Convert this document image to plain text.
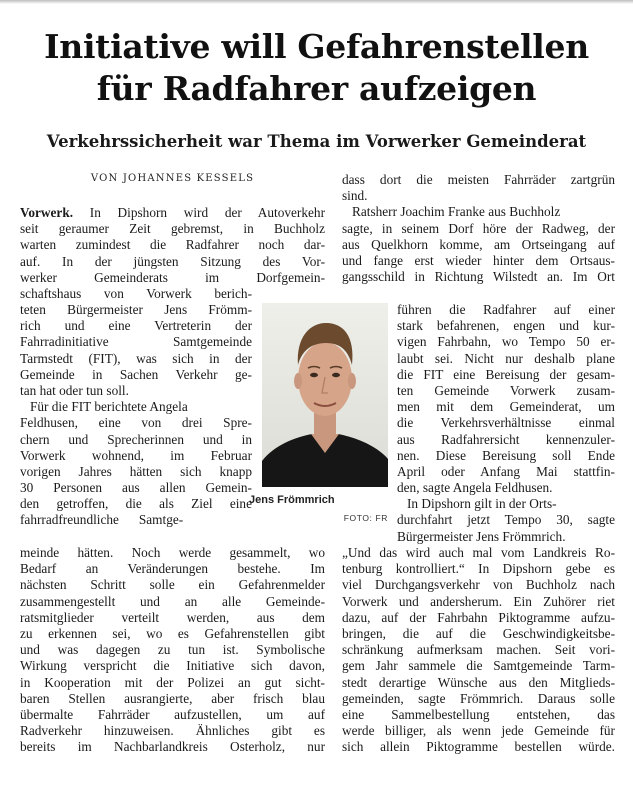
Initiative will Gefahrenstellen
für Radfahrer aufzeigen
Verkehrssicherheit war Thema im Vorwerker Gemeinderat
VON JOHANNES KESSELS
Vorwerk. In Dipshorn wird der Autoverkehr
seit geraumer Zeit gebremst, in Buchholz
warten zumindest die Radfahrer noch dar-
auf. In der jüngsten Sitzung des Vor-
werker Gemeinderats im Dorfgemein-
schaftshaus von Vorwerk berich-
teten Bürgermeister Jens Frömm-
rich und eine Vertreterin der
Fahrradinitiative Samtgemeinde
Tarmstedt (FIT), was sich in der
Gemeinde in Sachen Verkehr ge-
tan hat oder tun soll.
Für die FIT berichtete Angela
Feldhusen, eine von drei Spre-
chern und Sprecherinnen und in
Vorwerk wohnend, im Februar
vorigen Jahres hätten sich knapp
30 Personen aus allen Gemein-
den getroffen, die als Ziel eine
fahrradfreundliche      Samtge-
meinde hätten. Noch werde gesammelt, wo
Bedarf an Veränderungen bestehe. Im
nächsten Schritt solle ein Gefahrenmelder
zusammengestellt und an alle Gemeinde-
ratsmitglieder verteilt werden, aus dem
zu erkennen sei, wo es Gefahrenstellen gibt
und was dagegen zu tun ist. Symbolische
Wirkung verspricht die Initiative sich davon,
in Kooperation mit der Polizei an gut sicht-
baren Stellen ausrangierte, aber frisch blau
übermalte Fahrräder aufzustellen, um auf
Radverkehr hinzuweisen. Ähnliches gibt es
bereits im Nachbarlandkreis Osterholz, nur
Jens Frömmrich
FOTO: FR
dass dort die meisten Fahrräder zartgrün
sind.
Ratsherr Joachim Franke aus Buchholz
sagte, in seinem Dorf höre der Radweg, der
aus Quelkhorn komme, am Ortseingang auf
und fange erst wieder hinter dem Ortsaus-
gangsschild in Richtung Wilstedt an. Im Ort
führen die Radfahrer auf einer
stark befahrenen, engen und kur-
vigen Fahrbahn, wo Tempo 50 er-
laubt sei. Nicht nur deshalb plane
die FIT eine Bereisung der gesam-
ten Gemeinde Vorwerk zusam-
men mit dem Gemeinderat, um
die Verkehrsverhältnisse einmal
aus Radfahrersicht kennenzuler-
nen. Diese Bereisung soll Ende
April oder Anfang Mai stattfin-
den, sagte Angela Feldhusen.
In Dipshorn gilt in der Orts-
durchfahrt jetzt Tempo 30, sagte
Bürgermeister Jens Frömmrich.
„Und das wird auch mal vom Landkreis Ro-
tenburg kontrolliert.“ In Dipshorn gebe es
viel Durchgangsverkehr von Buchholz nach
Vorwerk und andersherum. Ein Zuhörer riet
dazu, auf der Fahrbahn Piktogramme aufzu-
bringen, die auf die Geschwindigkeitsbe-
schränkung aufmerksam machen. Seit vori-
gem Jahr sammele die Samtgemeinde Tarm-
stedt derartige Wünsche aus den Mitglieds-
gemeinden, sagte Frömmrich. Daraus solle
eine Sammelbestellung entstehen, das
werde billiger, als wenn jede Gemeinde für
sich allein Piktogramme bestellen würde.
